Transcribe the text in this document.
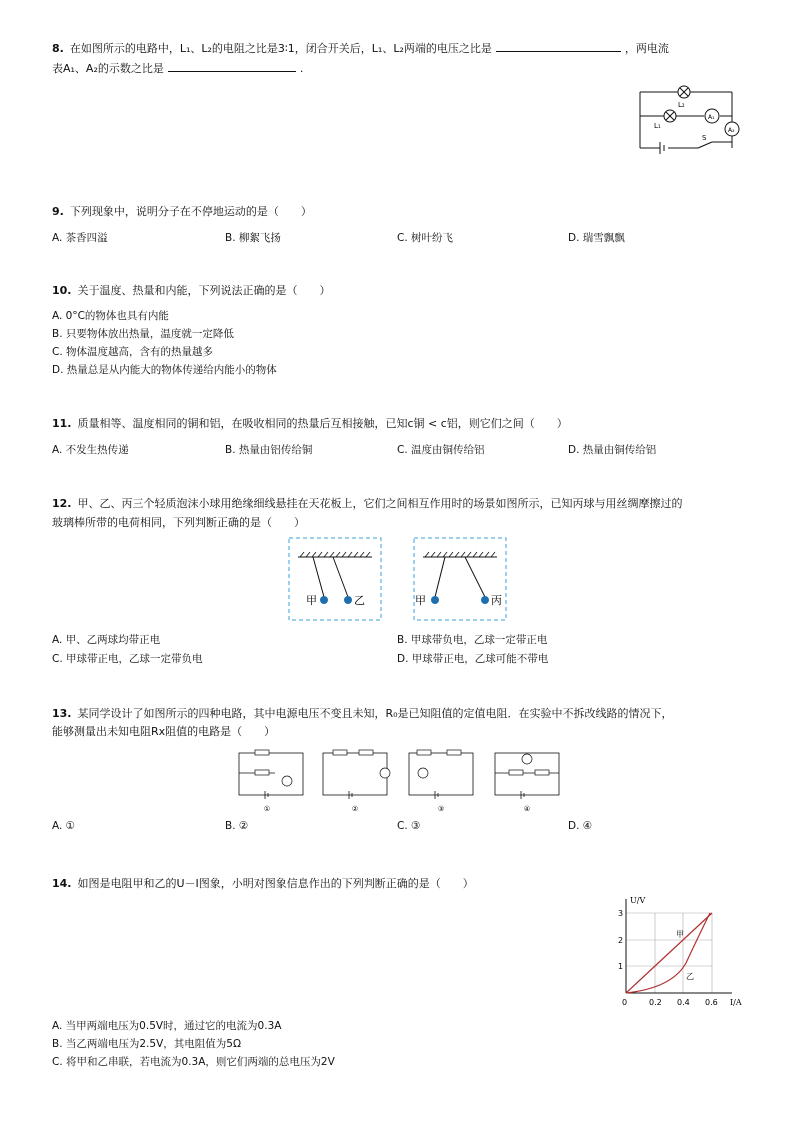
8. 在如图所示的电路中，L₁、L₂的电阻之比是3∶1，闭合开关后，L₁、L₂两端的电压之比是	，两电流
表A₁、A₂的示数之比是	.
L₂
L₁
A₁
A₂
S
9. 下列现象中，说明分子在不停地运动的是（　　）
A. 茶香四溢	B. 柳絮飞扬	C. 树叶纷飞	D. 瑞雪飘飘
10. 关于温度、热量和内能，下列说法正确的是（　　）
A. 0°C的物体也具有内能
B. 只要物体放出热量，温度就一定降低
C. 物体温度越高，含有的热量越多
D. 热量总是从内能大的物体传递给内能小的物体
11. 质量相等、温度相同的铜和铝，在吸收相同的热量后互相接触，已知c铜 < c铝，则它们之间（　　）
A. 不发生热传递	B. 热量由铝传给铜	C. 温度由铜传给铝	D. 热量由铜传给铝
12. 甲、乙、丙三个轻质泡沫小球用绝缘细线悬挂在天花板上，它们之间相互作用时的场景如图所示，已知丙球与用丝绸摩擦过的
玻璃棒所带的电荷相同，下列判断正确的是（　　）
甲	乙	甲	丙
A. 甲、乙两球均带正电	B. 甲球带负电，乙球一定带正电
C. 甲球带正电，乙球一定带负电	D. 甲球带正电，乙球可能不带电
13. 某同学设计了如图所示的四种电路，其中电源电压不变且未知，R₀是已知阻值的定值电阻．在实验中不拆改线路的情况下，
能够测量出未知电阻Rx阻值的电路是（　　）
①	②	③	④
A. ①	B. ②	C. ③	D. ④
14. 如图是电阻甲和乙的U－I图象，小明对图象信息作出的下列判断正确的是（　　）
U/V
I/A
1
2
3
0	0.2 0.4 0.6
甲
乙
A. 当甲两端电压为0.5V时，通过它的电流为0.3A
B. 当乙两端电压为2.5V，其电阻值为5Ω
C. 将甲和乙串联，若电流为0.3A，则它们两端的总电压为2V
